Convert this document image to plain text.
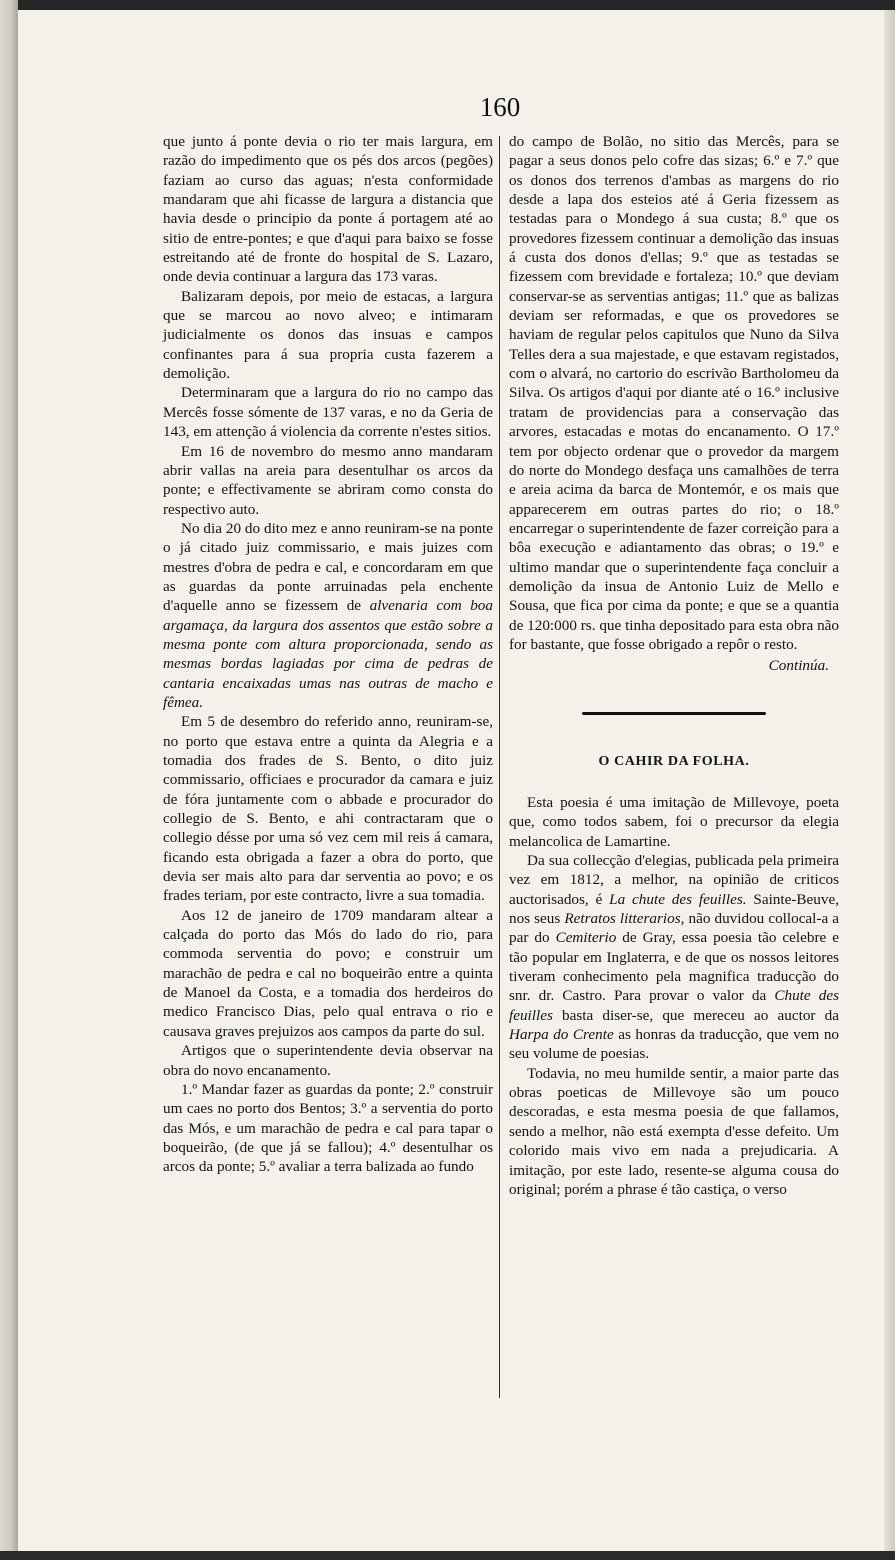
160

que junto á ponte devia o rio ter mais largura, em razão do impedimento que os pés dos arcos (pegões) faziam ao curso das aguas; n'esta conformidade mandaram que ahi ficasse de largura a distancia que havia desde o principio da ponte á portagem até ao sitio de entre-pontes; e que d'aqui para baixo se fosse estreitando até de fronte do hospital de S. Lazaro, onde devia continuar a largura das 173 varas.

Balizaram depois, por meio de estacas, a largura que se marcou ao novo alveo; e intimaram judicialmente os donos das insuas e campos confinantes para á sua propria custa fazerem a demolição.

Determinaram que a largura do rio no campo das Mercês fosse sómente de 137 varas, e no da Geria de 143, em attenção á violencia da corrente n'estes sitios.

Em 16 de novembro do mesmo anno mandaram abrir vallas na areia para desentulhar os arcos da ponte; e effectivamente se abriram como consta do respectivo auto.

No dia 20 do dito mez e anno reuniram-se na ponte o já citado juiz commissario, e mais juizes com mestres d'obra de pedra e cal, e concordaram em que as guardas da ponte arruinadas pela enchente d'aquelle anno se fizessem de alvenaria com boa argamaça, da largura dos assentos que estão sobre a mesma ponte com altura proporcionada, sendo as mesmas bordas lagiadas por cima de pedras de cantaria encaixadas umas nas outras de macho e fêmea.

Em 5 de desembro do referido anno, reuniram-se, no porto que estava entre a quinta da Alegria e a tomadia dos frades de S. Bento, o dito juiz commissario, officiaes e procurador da camara e juiz de fóra juntamente com o abbade e procurador do collegio de S. Bento, e ahi contractaram que o collegio désse por uma só vez cem mil reis á camara, ficando esta obrigada a fazer a obra do porto, que devia ser mais alto para dar serventia ao povo; e os frades teriam, por este contracto, livre a sua tomadia.

Aos 12 de janeiro de 1709 mandaram altear a calçada do porto das Mós do lado do rio, para commoda serventia do povo; e construir um marachão de pedra e cal no boqueirão entre a quinta de Manoel da Costa, e a tomadia dos herdeiros do medico Francisco Dias, pelo qual entrava o rio e causava graves prejuizos aos campos da parte do sul.

Artigos que o superintendente devia observar na obra do novo encanamento.

1.º Mandar fazer as guardas da ponte; 2.º construir um caes no porto dos Bentos; 3.º a serventia do porto das Mós, e um marachão de pedra e cal para tapar o boqueirão, (de que já se fallou); 4.º desentulhar os arcos da ponte; 5.º avaliar a terra balizada ao fundo

do campo de Bolão, no sitio das Mercês, para se pagar a seus donos pelo cofre das sizas; 6.º e 7.º que os donos dos terrenos d'ambas as margens do rio desde a lapa dos esteios até á Geria fizessem as testadas para o Mondego á sua custa; 8.º que os provedores fizessem continuar a demolição das insuas á custa dos donos d'ellas; 9.º que as testadas se fizessem com brevidade e fortaleza; 10.º que deviam conservar-se as serventias antigas; 11.º que as balizas deviam ser reformadas, e que os provedores se haviam de regular pelos capitulos que Nuno da Silva Telles dera a sua majestade, e que estavam registados, com o alvará, no cartorio do escrivão Bartholomeu da Silva. Os artigos d'aqui por diante até o 16.º inclusive tratam de providencias para a conservação das arvores, estacadas e motas do encanamento. O 17.º tem por objecto ordenar que o provedor da margem do norte do Mondego desfaça uns camalhões de terra e areia acima da barca de Montemór, e os mais que apparecerem em outras partes do rio; o 18.º encarregar o superintendente de fazer correição para a bôa execução e adiantamento das obras; o 19.º e ultimo mandar que o superintendente faça concluir a demolição da insua de Antonio Luiz de Mello e Sousa, que fica por cima da ponte; e que se a quantia de 120:000 rs. que tinha depositado para esta obra não for bastante, que fosse obrigado a repôr o resto.

Continúa.

O CAHIR DA FOLHA.

Esta poesia é uma imitação de Millevoye, poeta que, como todos sabem, foi o precursor da elegia melancolica de Lamartine.

Da sua collecção d'elegias, publicada pela primeira vez em 1812, a melhor, na opinião de criticos auctorisados, é La chute des feuilles. Sainte-Beuve, nos seus Retratos litterarios, não duvidou collocal-a a par do Cemiterio de Gray, essa poesia tão celebre e tão popular em Inglaterra, e de que os nossos leitores tiveram conhecimento pela magnifica traducção do snr. dr. Castro. Para provar o valor da Chute des feuilles basta diser-se, que mereceu ao auctor da Harpa do Crente as honras da traducção, que vem no seu volume de poesias.

Todavia, no meu humilde sentir, a maior parte das obras poeticas de Millevoye são um pouco descoradas, e esta mesma poesia de que fallamos, sendo a melhor, não está exempta d'esse defeito. Um colorido mais vivo em nada a prejudicaria. A imitação, por este lado, resente-se alguma cousa do original; porém a phrase é tão castiça, o verso
